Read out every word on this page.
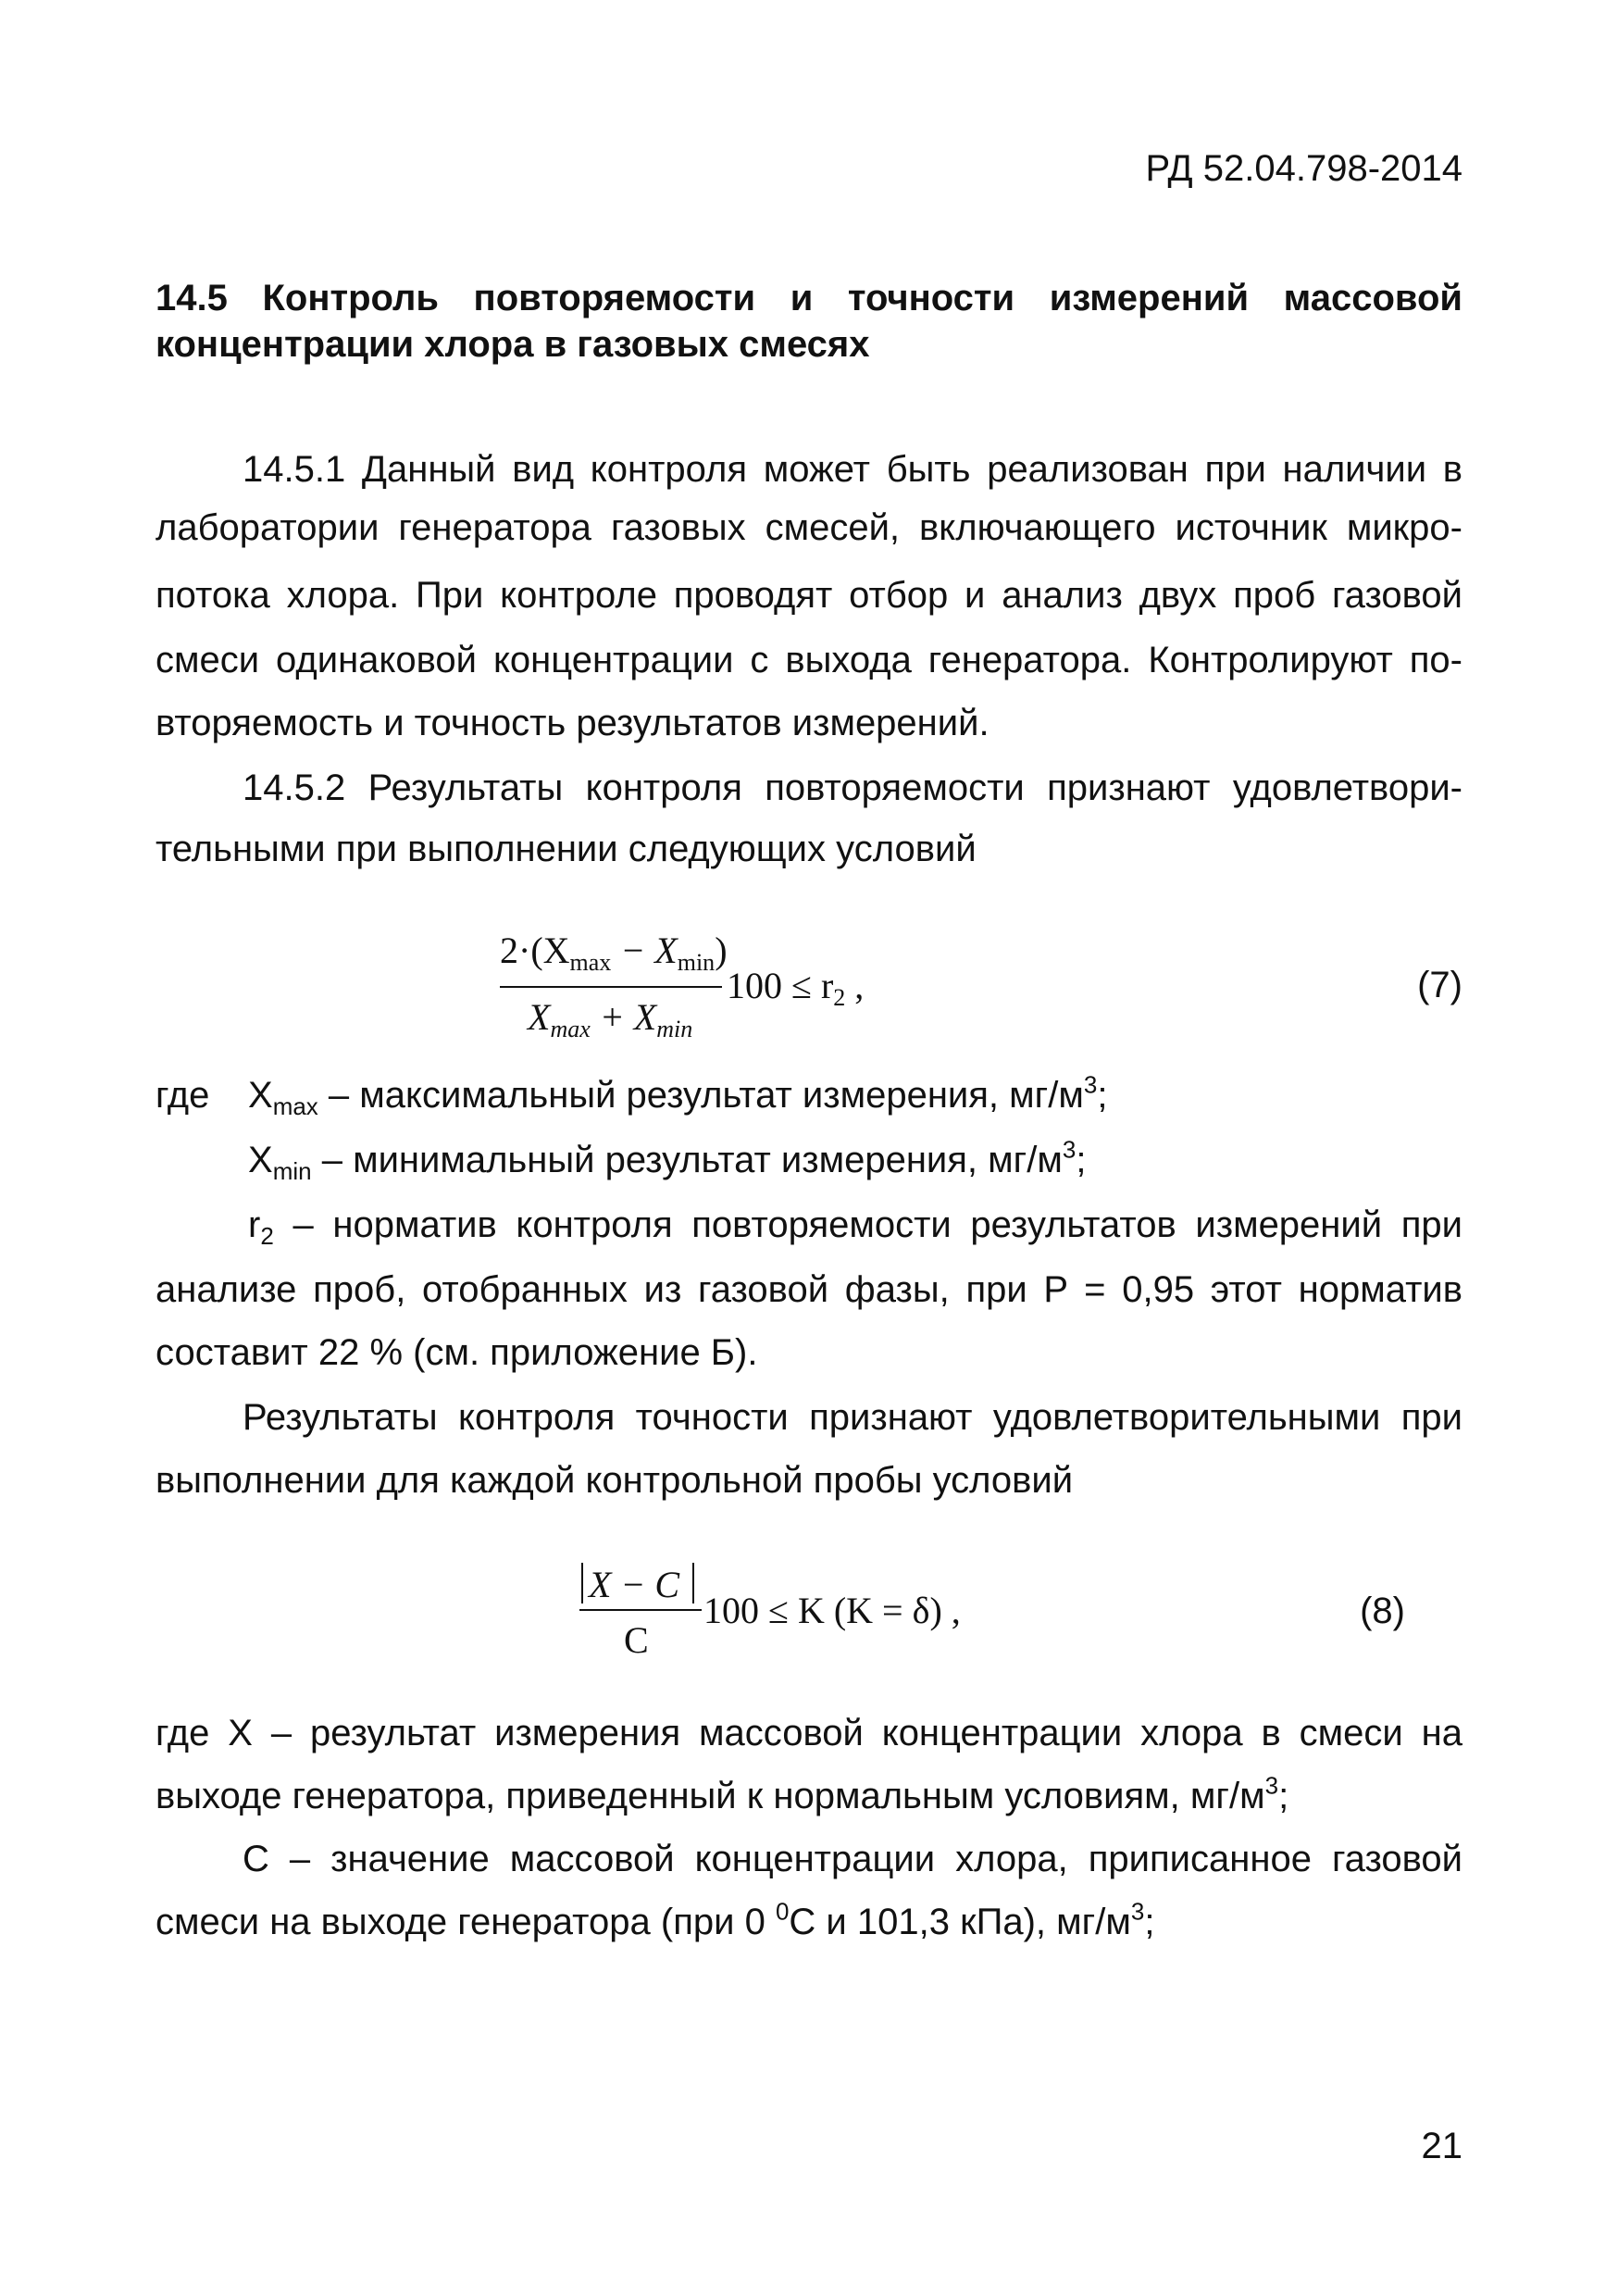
РД 52.04.798-2014
14.5 Контроль повторяемости и точности измерений массовой
концентрации хлора в газовых смесях
14.5.1 Данный вид контроля может быть реализован при наличии в
лаборатории генератора газовых смесей, включающего источник микро-
потока хлора. При контроле проводят отбор и анализ двух проб газовой
смеси одинаковой концентрации с выхода генератора. Контролируют по-
вторяемость и точность результатов измерений.
14.5.2 Результаты контроля повторяемости признают удовлетвори-
тельными при выполнении следующих условий
$2\cdot(X_{max} - X_{min})$
$X_{max} + X_{min}$
$100 \le r_2$ ,	(7)
где $X_{max}$ – максимальный результат измерения, $мг/м^3$;
$X_{min}$ – минимальный результат измерения, $мг/м^3$;
$r_2$ – норматив контроля повторяемости результатов измерений при
анализе проб, отобранных из газовой фазы, при P = 0,95 этот норматив
составит 22 % (см. приложение Б).
Результаты контроля точности признают удовлетворительными при
выполнении для каждой контрольной пробы условий
X − C
C
100 ≤ K (K = δ) ,	(8)
где X – результат измерения массовой концентрации хлора в смеси на
выходе генератора, приведенный к нормальным условиям, $мг/м^3$;
C – значение массовой концентрации хлора, приписанное газовой
смеси на выходе генератора (при 0 $^0$C и 101,3 кПа), $мг/м^3$;
21
